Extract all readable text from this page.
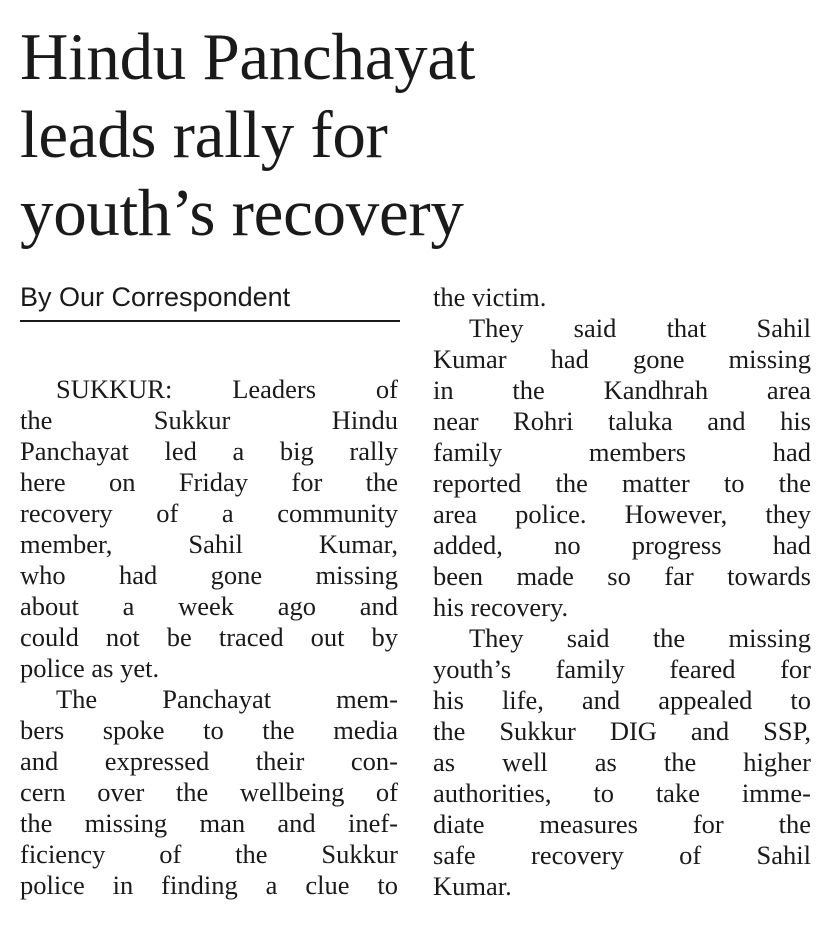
Hindu Panchayat
leads rally for
youth’s recovery
By Our Correspondent
SUKKUR: Leaders of
the Sukkur Hindu
Panchayat led a big rally
here on Friday for the
recovery of a community
member, Sahil Kumar,
who had gone missing
about a week ago and
could not be traced out by
police as yet.
The Panchayat mem-
bers spoke to the media
and expressed their con-
cern over the wellbeing of
the missing man and inef-
ficiency of the Sukkur
police in finding a clue to
the victim.
They said that Sahil
Kumar had gone missing
in the Kandhrah area
near Rohri taluka and his
family members had
reported the matter to the
area police. However, they
added, no progress had
been made so far towards
his recovery.
They said the missing
youth’s family feared for
his life, and appealed to
the Sukkur DIG and SSP,
as well as the higher
authorities, to take imme-
diate measures for the
safe recovery of Sahil
Kumar.
